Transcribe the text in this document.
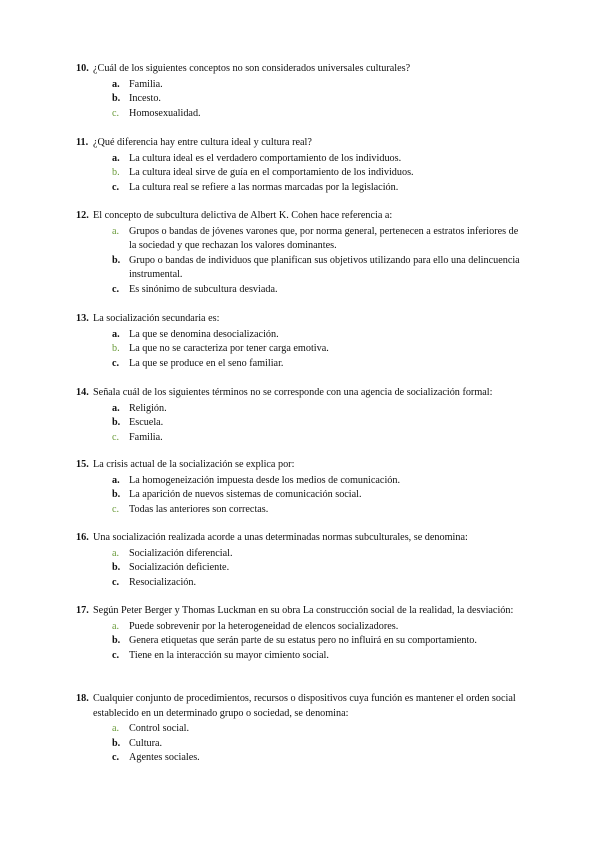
10. ¿Cuál de los siguientes conceptos no son considerados universales culturales?
a. Familia.
b. Incesto.
c. Homosexualidad.
11. ¿Qué diferencia hay entre cultura ideal y cultura real?
a. La cultura ideal es el verdadero comportamiento de los individuos.
b. La cultura ideal sirve de guía en el comportamiento de los individuos.
c. La cultura real se refiere a las normas marcadas por la legislación.
12. El concepto de subcultura delictiva de Albert K. Cohen hace referencia a:
a. Grupos o bandas de jóvenes varones que, por norma general, pertenecen a estratos inferiores de la sociedad y que rechazan los valores dominantes.
b. Grupo o bandas de individuos que planifican sus objetivos utilizando para ello una delincuencia instrumental.
c. Es sinónimo de subcultura desviada.
13. La socialización secundaria es:
a. La que se denomina desocialización.
b. La que no se caracteriza por tener carga emotiva.
c. La que se produce en el seno familiar.
14. Señala cuál de los siguientes términos no se corresponde con una agencia de socialización formal:
a. Religión.
b. Escuela.
c. Familia.
15. La crisis actual de la socialización se explica por:
a. La homogeneización impuesta desde los medios de comunicación.
b. La aparición de nuevos sistemas de comunicación social.
c. Todas las anteriores son correctas.
16. Una socialización realizada acorde a unas determinadas normas subculturales, se denomina:
a. Socialización diferencial.
b. Socialización deficiente.
c. Resocialización.
17. Según Peter Berger y Thomas Luckman en su obra La construcción social de la realidad, la desviación:
a. Puede sobrevenir por la heterogeneidad de elencos socializadores.
b. Genera etiquetas que serán parte de su estatus pero no influirá en su comportamiento.
c. Tiene en la interacción su mayor cimiento social.
18. Cualquier conjunto de procedimientos, recursos o dispositivos cuya función es mantener el orden social establecido en un determinado grupo o sociedad, se denomina:
a. Control social.
b. Cultura.
c. Agentes sociales.
